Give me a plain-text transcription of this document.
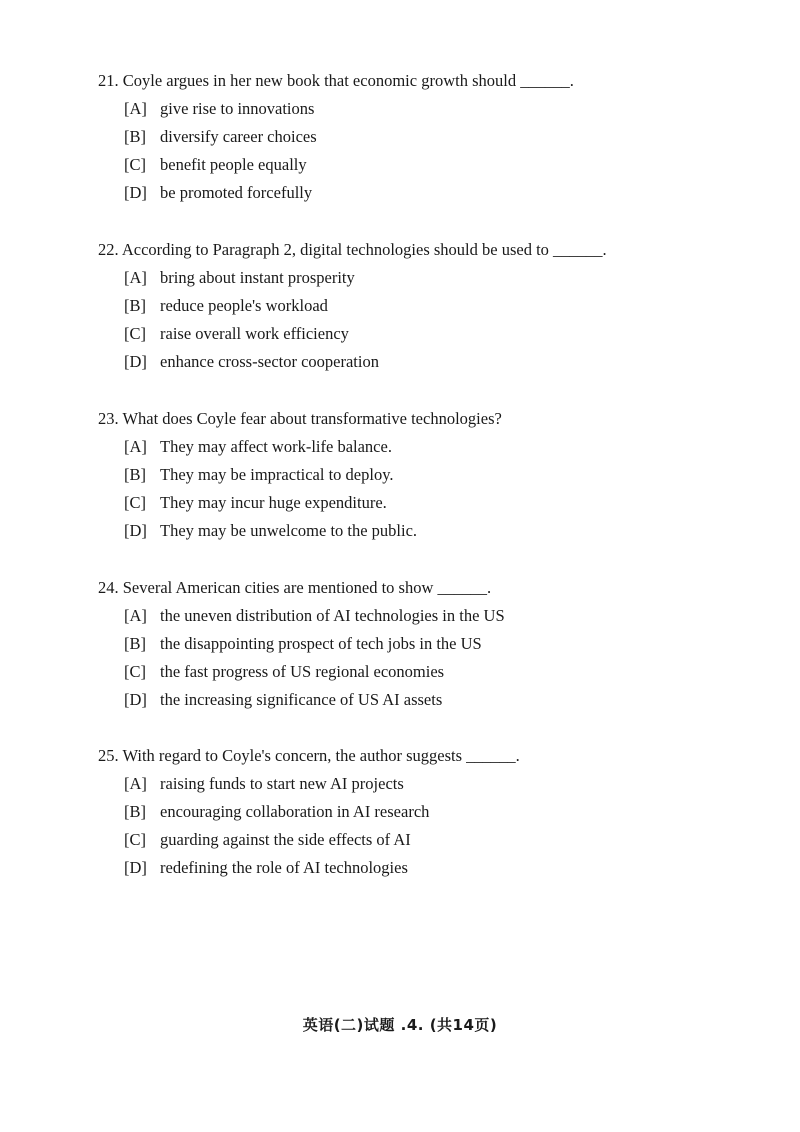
21. Coyle argues in her new book that economic growth should ______.
[A] give rise to innovations
[B] diversify career choices
[C] benefit people equally
[D] be promoted forcefully
22. According to Paragraph 2, digital technologies should be used to ______.
[A] bring about instant prosperity
[B] reduce people's workload
[C] raise overall work efficiency
[D] enhance cross-sector cooperation
23. What does Coyle fear about transformative technologies?
[A] They may affect work-life balance.
[B] They may be impractical to deploy.
[C] They may incur huge expenditure.
[D] They may be unwelcome to the public.
24. Several American cities are mentioned to show ______.
[A] the uneven distribution of AI technologies in the US
[B] the disappointing prospect of tech jobs in the US
[C] the fast progress of US regional economies
[D] the increasing significance of US AI assets
25. With regard to Coyle's concern, the author suggests ______.
[A] raising funds to start new AI projects
[B] encouraging collaboration in AI research
[C] guarding against the side effects of AI
[D] redefining the role of AI technologies
英语(二)试题 .4. (共14页)
